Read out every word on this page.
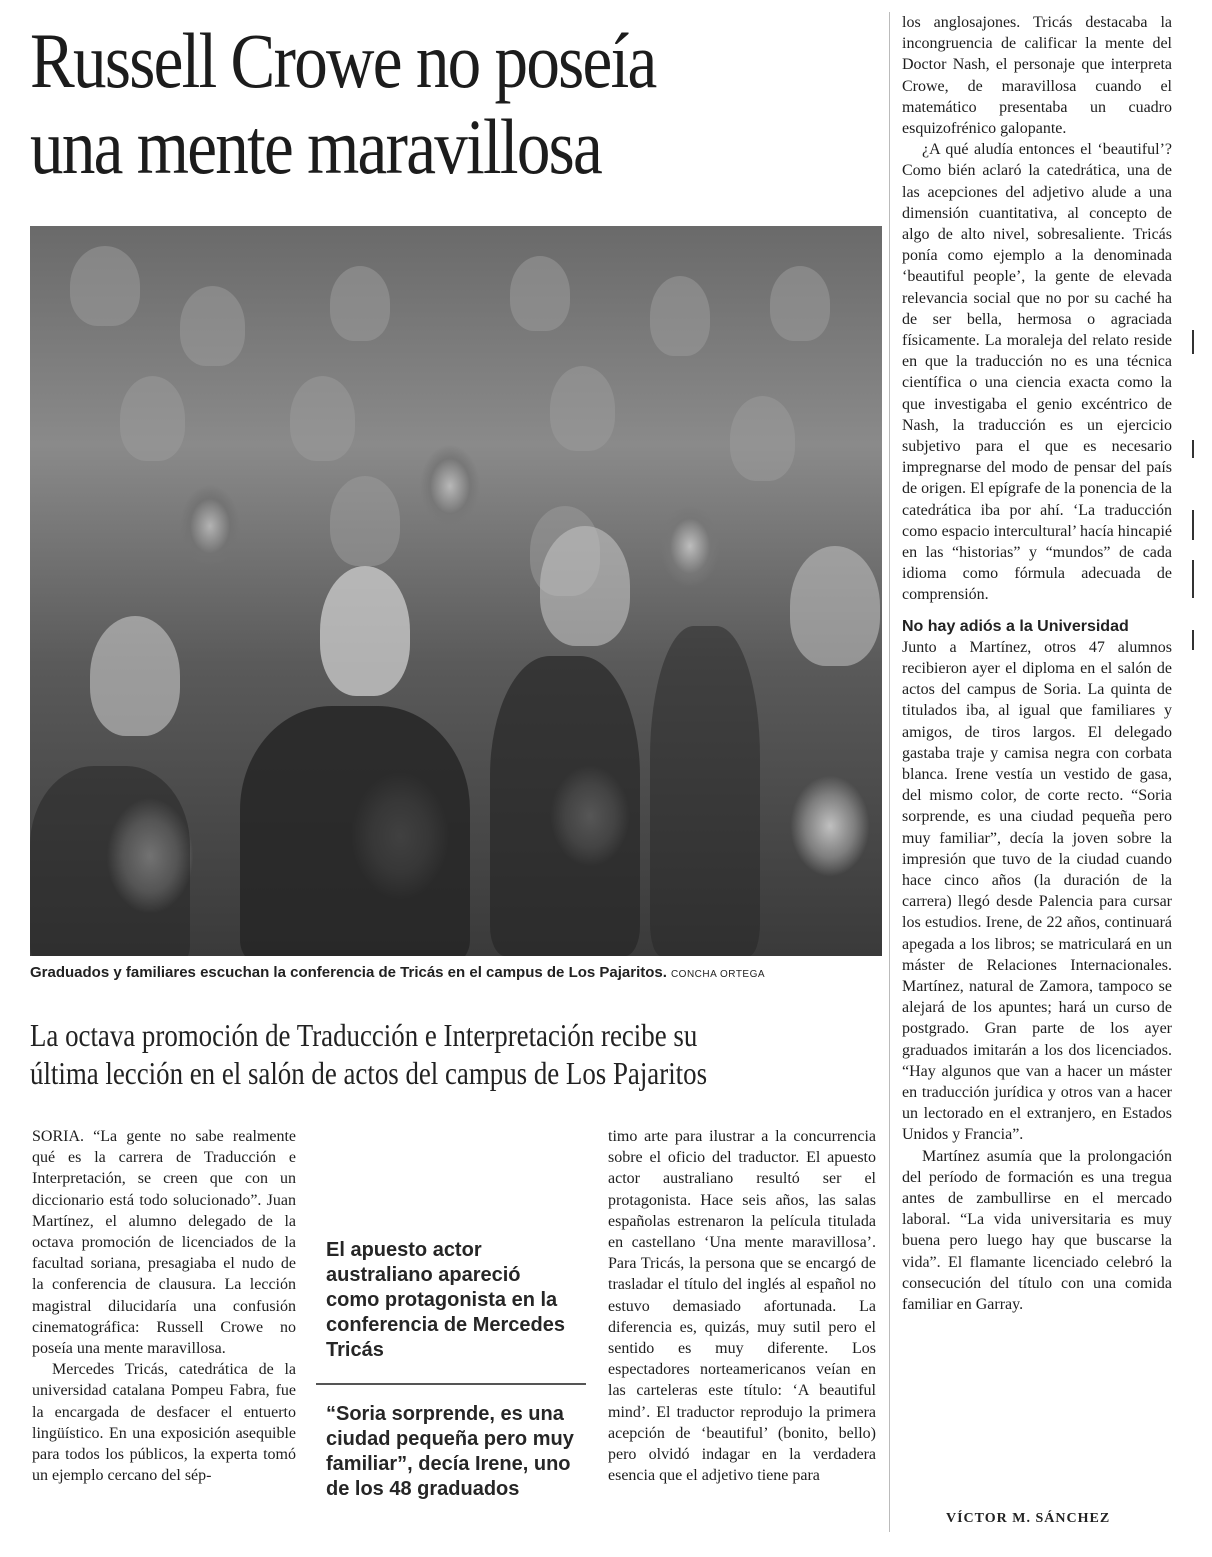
Russell Crowe no poseía
una mente maravillosa
Graduados y familiares escuchan la conferencia de Tricás en el campus de Los Pajaritos. CONCHA ORTEGA
La octava promoción de Traducción e Interpretación recibe su
última lección en el salón de actos del campus de Los Pajaritos

SORIA. “La gente no sabe realmente qué es la carrera de Traducción e Interpretación, se creen que con un diccionario está todo solucionado”. Juan Martínez, el alumno delegado de la octava promoción de licenciados de la facultad soriana, presagiaba el nudo de la conferencia de clausura. La lección magistral dilucidaría una confusión cinematográfica: Russell Crowe no poseía una mente maravillosa.

Mercedes Tricás, catedrática de la universidad catalana Pompeu Fabra, fue la encargada de desfacer el entuerto lingüístico. En una exposición asequible para todos los públicos, la experta tomó un ejemplo cercano del sép-

El apuesto actor australiano apareció como protagonista en la conferencia de Mercedes Tricás

“Soria sorprende, es una ciudad pequeña pero muy familiar”, decía Irene, uno de los 48 graduados

timo arte para ilustrar a la concurrencia sobre el oficio del traductor. El apuesto actor australiano resultó ser el protagonista. Hace seis años, las salas españolas estrenaron la película titulada en castellano ‘Una mente maravillosa’. Para Tricás, la persona que se encargó de trasladar el título del inglés al español no estuvo demasiado afortunada. La diferencia es, quizás, muy sutil pero el sentido es muy diferente. Los espectadores norteamericanos veían en las carteleras este título: ‘A beautiful mind’. El traductor reprodujo la primera acepción de ‘beautiful’ (bonito, bello) pero olvidó indagar en la verdadera esencia que el adjetivo tiene para

los anglosajones. Tricás destacaba la incongruencia de calificar la mente del Doctor Nash, el personaje que interpreta Crowe, de maravillosa cuando el matemático presentaba un cuadro esquizofrénico galopante.

¿A qué aludía entonces el ‘beautiful’? Como bién aclaró la catedrática, una de las acepciones del adjetivo alude a una dimensión cuantitativa, al concepto de algo de alto nivel, sobresaliente. Tricás ponía como ejemplo a la denominada ‘beautiful people’, la gente de elevada relevancia social que no por su caché ha de ser bella, hermosa o agraciada físicamente. La moraleja del relato reside en que la traducción no es una técnica científica o una ciencia exacta como la que investigaba el genio excéntrico de Nash, la traducción es un ejercicio subjetivo para el que es necesario impregnarse del modo de pensar del país de origen. El epígrafe de la ponencia de la catedrática iba por ahí. ‘La traducción como espacio intercultural’ hacía hincapié en las “historias” y “mundos” de cada idioma como fórmula adecuada de comprensión.

No hay adiós a la Universidad

Junto a Martínez, otros 47 alumnos recibieron ayer el diploma en el salón de actos del campus de Soria. La quinta de titulados iba, al igual que familiares y amigos, de tiros largos. El delegado gastaba traje y camisa negra con corbata blanca. Irene vestía un vestido de gasa, del mismo color, de corte recto. “Soria sorprende, es una ciudad pequeña pero muy familiar”, decía la joven sobre la impresión que tuvo de la ciudad cuando hace cinco años (la duración de la carrera) llegó desde Palencia para cursar los estudios. Irene, de 22 años, continuará apegada a los libros; se matriculará en un máster de Relaciones Internacionales. Martínez, natural de Zamora, tampoco se alejará de los apuntes; hará un curso de postgrado. Gran parte de los ayer graduados imitarán a los dos licenciados. “Hay algunos que van a hacer un máster en traducción jurídica y otros van a hacer un lectorado en el extranjero, en Estados Unidos y Francia”.

Martínez asumía que la prolongación del período de formación es una tregua antes de zambullirse en el mercado laboral. “La vida universitaria es muy buena pero luego hay que buscarse la vida”. El flamante licenciado celebró la consecución del título con una comida familiar en Garray.

VÍCTOR M. SÁNCHEZ
